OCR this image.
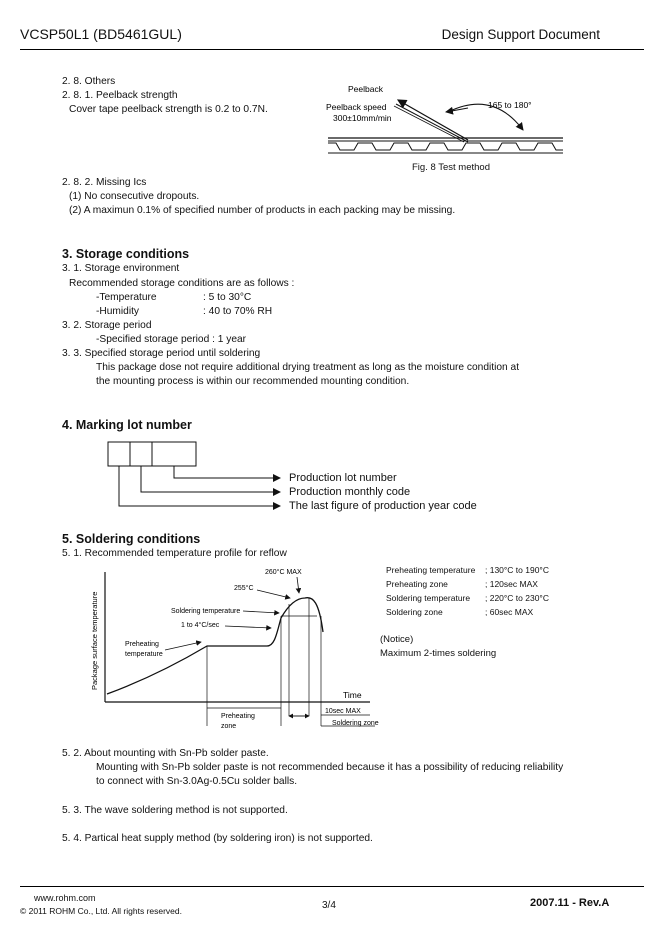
VCSP50L1 (BD5461GUL)	Design Support Document
2. 8. Others
2. 8. 1. Peelback strength
Cover tape peelback strength is 0.2 to 0.7N.
Peelback
Peelback speed
300±10mm/min
165 to 180°
Fig. 8 Test method
2. 8. 2. Missing Ics
(1) No consecutive dropouts.
(2) A maximun 0.1% of specified number of products in each packing may be missing.
3. Storage conditions
3. 1. Storage environment
Recommended storage conditions are as follows :
-Temperature	: 5 to 30°C
-Humidity	: 40 to 70% RH
3. 2. Storage period
-Specified storage period : 1 year
3. 3. Specified storage period until soldering
This package dose not require additional drying treatment as long as the moisture condition at
the mounting process is within our recommended mounting condition.
4. Marking lot number
Production lot number
Production monthly code
The last figure of production year code
5. Soldering conditions
5. 1. Recommended temperature profile for reflow
Package surface temperature
Time
260°C MAX
255°C
Soldering temperature
1 to 4°C/sec
Preheating
temperature
Preheating
zone
10sec MAX
Soldering zone
Preheating temperature ; 130°C to 190°C
Preheating zone	; 120sec MAX
Soldering temperature ; 220°C to 230°C
Soldering zone	; 60sec MAX
(Notice)
Maximum 2-times soldering
5. 2. About mounting with Sn-Pb solder paste.
Mounting with Sn-Pb solder paste is not recommended because it has a possibility of reducing reliability
to connect with Sn-3.0Ag-0.5Cu solder balls.
5. 3. The wave soldering method is not supported.
5. 4. Partical heat supply method (by soldering iron) is not supported.
www.rohm.com
© 2011 ROHM Co., Ltd. All rights reserved.	3/4	2007.11 - Rev.A
